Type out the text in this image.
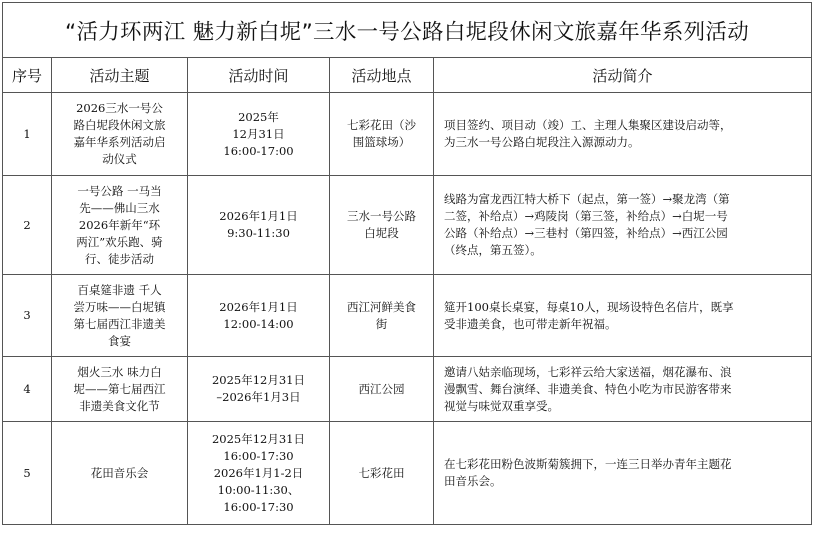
“活力环两江 魅力新白坭”三水一号公路白坭段休闲文旅嘉年华系列活动				
序号	活动主题	活动时间	活动地点	活动简介
1	2026三水一号公
路白坭段休闲文旅
嘉年华系列活动启
动仪式	2025年
12月31日
16:00-17:00	七彩花田（沙
围篮球场）	项目签约、项目动（竣）工、主理人集聚区建设启动等，
为三水一号公路白坭段注入源源动力。
2	一号公路 一马当
先——佛山三水
2026年新年“环
两江”欢乐跑、骑
行、徒步活动	2026年1月1日
9:30-11:30	三水一号公路
白坭段	线路为富龙西江特大桥下（起点，第一签）→聚龙湾（第
二签，补给点）→鸡陵岗（第三签，补给点）→白坭一号
公路（补给点）→三巷村（第四签，补给点）→西江公园
（终点，第五签）。
3	百桌筵非遗 千人
尝万味——白坭镇
第七届西江非遗美
食宴	2026年1月1日
12:00-14:00	西江河鲜美食
街	筵开100桌长桌宴，每桌10人，现场设特色名信片，既享
受非遗美食，也可带走新年祝福。
4	烟火三水 味力白
坭——第七届西江
非遗美食文化节	2025年12月31日
–2026年1月3日	西江公园	邀请八姑亲临现场，七彩祥云给大家送福，烟花瀑布、浪
漫飘雪、舞台演绎、非遗美食、特色小吃为市民游客带来
视觉与味觉双重享受。
5	花田音乐会	2025年12月31日
16:00-17:30
2026年1月1-2日
10:00-11:30、
16:00-17:30	七彩花田	在七彩花田粉色波斯菊簇拥下，一连三日举办青年主题花
田音乐会。
